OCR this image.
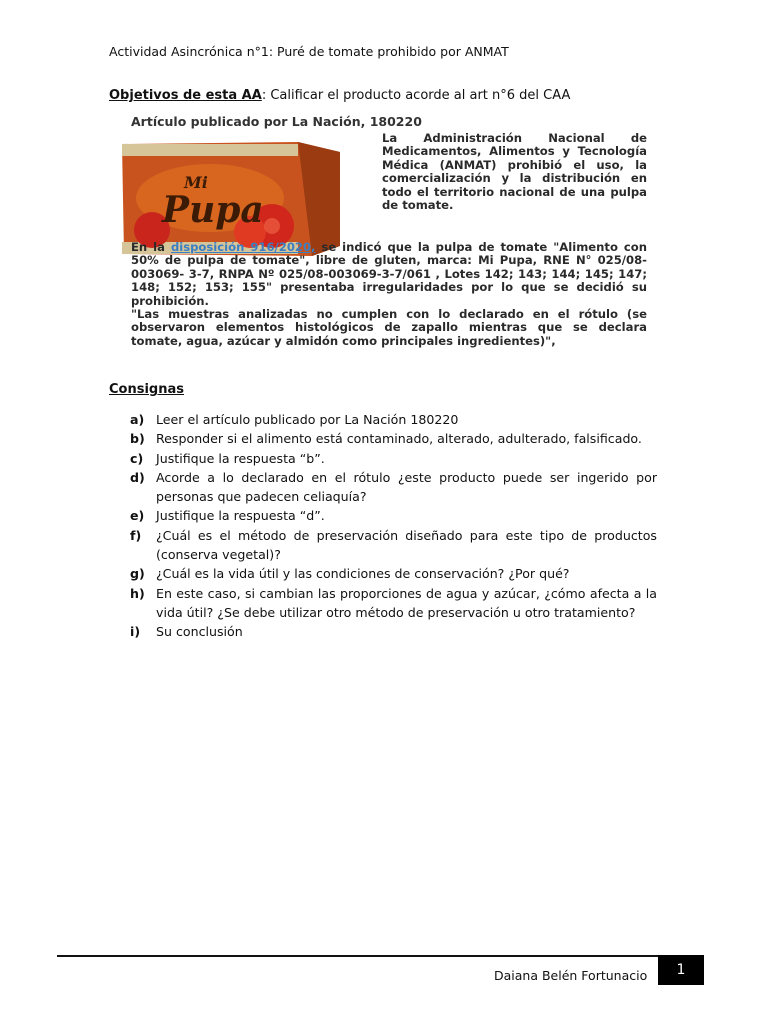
Actividad Asincrónica n°1: Puré de tomate prohibido por ANMAT
Objetivos de esta AA: Calificar el producto acorde al art n°6 del CAA
Artículo publicado por La Nación, 180220
Mi
Pupa
La Administración Nacional de Medicamentos, Alimentos y Tecnología Médica (ANMAT) prohibió el uso, la comercialización y la distribución en todo el territorio nacional de una pulpa de tomate.
En la disposición 916/2020, se indicó que la pulpa de tomate "Alimento con 50% de pulpa de tomate", libre de gluten, marca: Mi Pupa, RNE N° 025/08-003069- 3-7, RNPA Nº 025/08-003069-3-7/061 , Lotes 142; 143; 144; 145; 147; 148; 152; 153; 155" presentaba irregularidades por lo que se decidió su prohibición.
"Las muestras analizadas no cumplen con lo declarado en el rótulo (se observaron elementos histológicos de zapallo mientras que se declara tomate, agua, azúcar y almidón como principales ingredientes)",
Consignas
a) Leer el artículo publicado por La Nación 180220
b) Responder si el alimento está contaminado, alterado, adulterado, falsificado.
c)	Justifique la respuesta “b”.
d) Acorde a lo declarado en el rótulo ¿este producto puede ser ingerido por personas que padecen celiaquía?
e) Justifique la respuesta “d”.
f)	¿Cuál es el método de preservación diseñado para este tipo de productos (conserva vegetal)?
g) ¿Cuál es la vida útil y las condiciones de conservación? ¿Por qué?
h) En este caso, si cambian las proporciones de agua y azúcar, ¿cómo afecta a la vida útil? ¿Se debe utilizar otro método de preservación u otro tratamiento?
i)	Su conclusión
Daiana Belén Fortunacio	1
